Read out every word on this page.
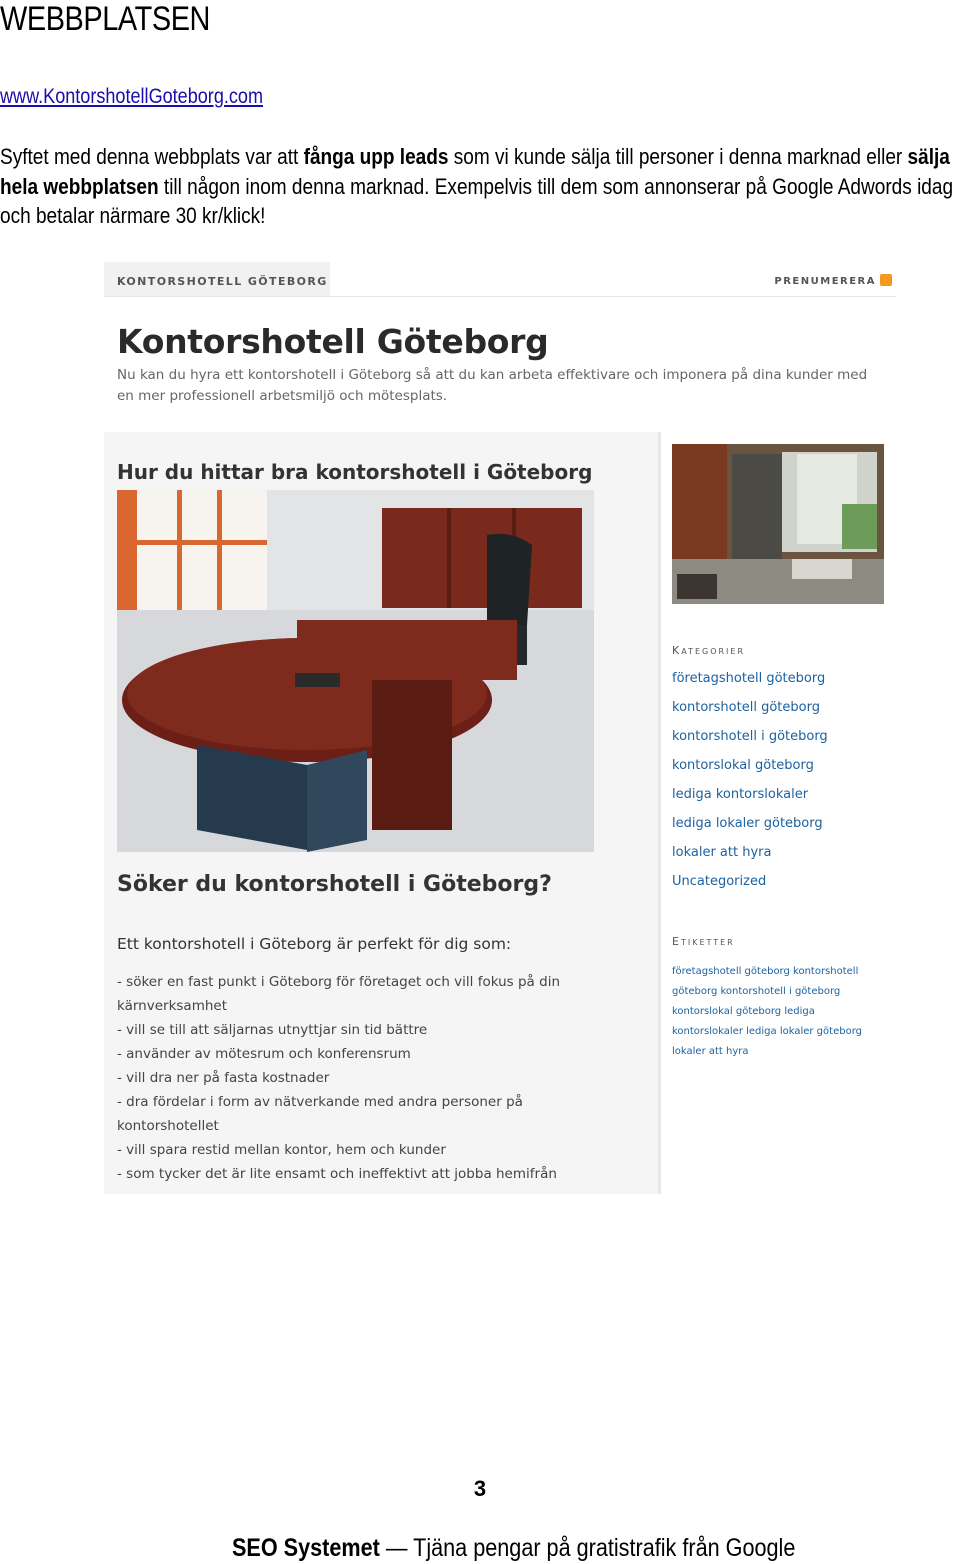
WEBBPLATSEN
www.KontorshotellGoteborg.com

Syftet med denna webbplats var att fånga upp leads som vi kunde sälja till personer i denna marknad eller sälja hela webbplatsen till någon inom denna marknad. Exempelvis till dem som annonserar på Google Adwords idag och betalar närmare 30 kr/klick!

KONTORSHOTELL GÖTEBORG	PRENUMERERA
Kontorshotell Göteborg
Nu kan du hyra ett kontorshotell i Göteborg så att du kan arbeta effektivare och imponera på dina kunder med en mer professionell arbetsmiljö och mötesplats.
Hur du hittar bra kontorshotell i Göteborg
Söker du kontorshotell i Göteborg?
Ett kontorshotell i Göteborg är perfekt för dig som:
- söker en fast punkt i Göteborg för företaget och vill fokus på din kärnverksamhet
- vill se till att säljarnas utnyttjar sin tid bättre
- använder av mötesrum och konferensrum
- vill dra ner på fasta kostnader
- dra fördelar i form av nätverkande med andra personer på kontorshotellet
- vill spara restid mellan kontor, hem och kunder
- som tycker det är lite ensamt och ineffektivt att jobba hemifrån
Kategorier
företagshotell göteborg
kontorshotell göteborg
kontorshotell i göteborg
kontorslokal göteborg
lediga kontorslokaler
lediga lokaler göteborg
lokaler att hyra
Uncategorized
Etiketter
företagshotell göteborg kontorshotell göteborg kontorshotell i göteborg kontorslokal göteborg lediga kontorslokaler lediga lokaler göteborg lokaler att hyra
3
SEO Systemet — Tjäna pengar på gratistrafik från Google
